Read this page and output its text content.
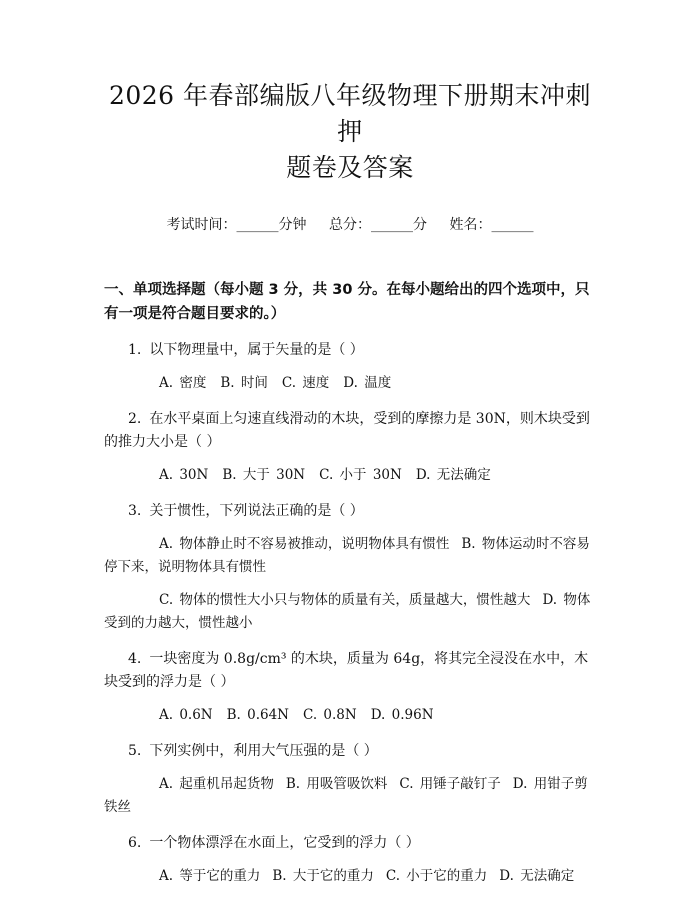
2026 年春部编版八年级物理下册期末冲刺押
题卷及答案
考试时间：______分钟 总分：______分 姓名：______
一、单项选择题（每小题 3 分，共 30 分。在每小题给出的四个选项中，只有一项是符合题目要求的。）
1. 以下物理量中，属于矢量的是（ ）
A. 密度 B. 时间 C. 速度 D. 温度
2. 在水平桌面上匀速直线滑动的木块，受到的摩擦力是 30N，则木块受到的推力大小是（ ）
A. 30N B. 大于 30N C. 小于 30N D. 无法确定
3. 关于惯性，下列说法正确的是（ ）
A. 物体静止时不容易被推动，说明物体具有惯性 B. 物体运动时不容易停下来，说明物体具有惯性
C. 物体的惯性大小只与物体的质量有关，质量越大，惯性越大 D. 物体受到的力越大，惯性越小
4. 一块密度为 0.8g/cm³ 的木块，质量为 64g，将其完全浸没在水中，木块受到的浮力是（ ）
A. 0.6N B. 0.64N C. 0.8N D. 0.96N
5. 下列实例中，利用大气压强的是（ ）
A. 起重机吊起货物 B. 用吸管吸饮料 C. 用锤子敲钉子 D. 用钳子剪铁丝
6. 一个物体漂浮在水面上，它受到的浮力（ ）
A. 等于它的重力 B. 大于它的重力 C. 小于它的重力 D. 无法确定
